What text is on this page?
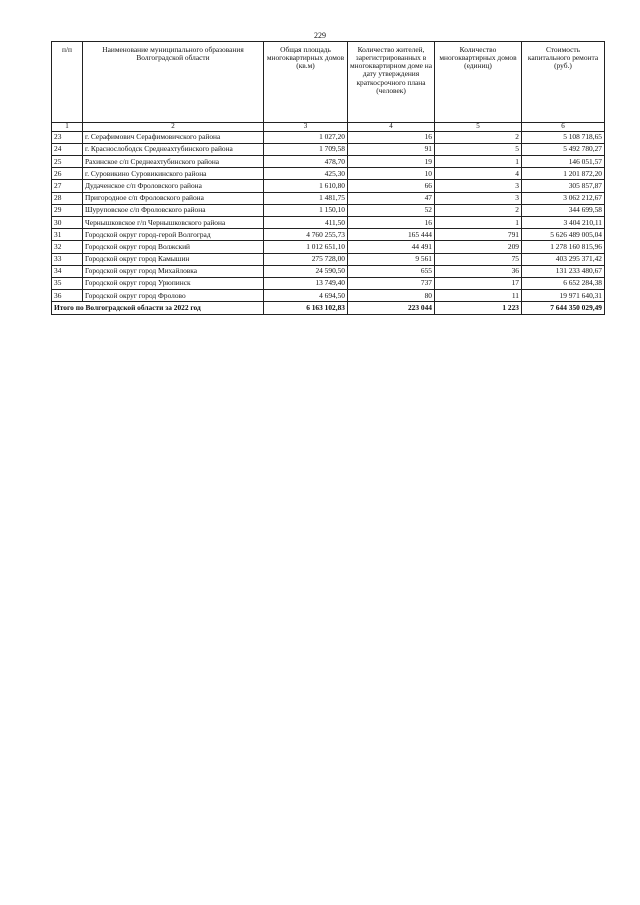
229
п/п	Наименование муниципального образования Волгоградской области	Общая площадь многоквартирных домов (кв.м)	Количество жителей, зарегистрированных в многоквартирном доме на дату утверждения краткосрочного плана (человек)	Количество многоквартирных домов (единиц)	Стоимость капитального ремонта (руб.)
1	2	3	4	5	6
23	г. Серафимович Серафимовичского района	1 027,20	16	2	5 108 718,65
24	г. Краснослободск Среднеахтубинского района	1 709,58	91	5	5 492 780,27
25	Рахинское с/п Среднеахтубинского района	478,70	19	1	146 051,57
26	г. Суровикино Суровикинского района	425,30	10	4	1 201 872,20
27	Дудаченское с/п Фроловского района	1 610,80	66	3	305 857,87
28	Пригородное с/п Фроловского района	1 481,75	47	3	3 062 212,67
29	Шуруповское с/п Фроловского района	1 150,10	52	2	344 699,58
30	Чернышковское г/п Чернышковского района	411,50	16	1	3 404 210,11
31	Городской округ город-герой Волгоград	4 760 255,73	165 444	791	5 626 489 005,04
32	Городской округ город Волжский	1 012 651,10	44 491	209	1 278 160 815,96
33	Городской округ город Камышин	275 728,00	9 561	75	403 295 371,42
34	Городской округ город Михайловка	24 590,50	655	36	131 233 480,67
35	Городской округ город Урюпинск	13 749,40	737	17	6 652 284,38
36	Городской округ город Фролово	4 694,50	80	11	19 971 640,31
Итого по Волгоградской области за 2022 год		6 163 102,83	223 044	1 223	7 644 350 029,49
